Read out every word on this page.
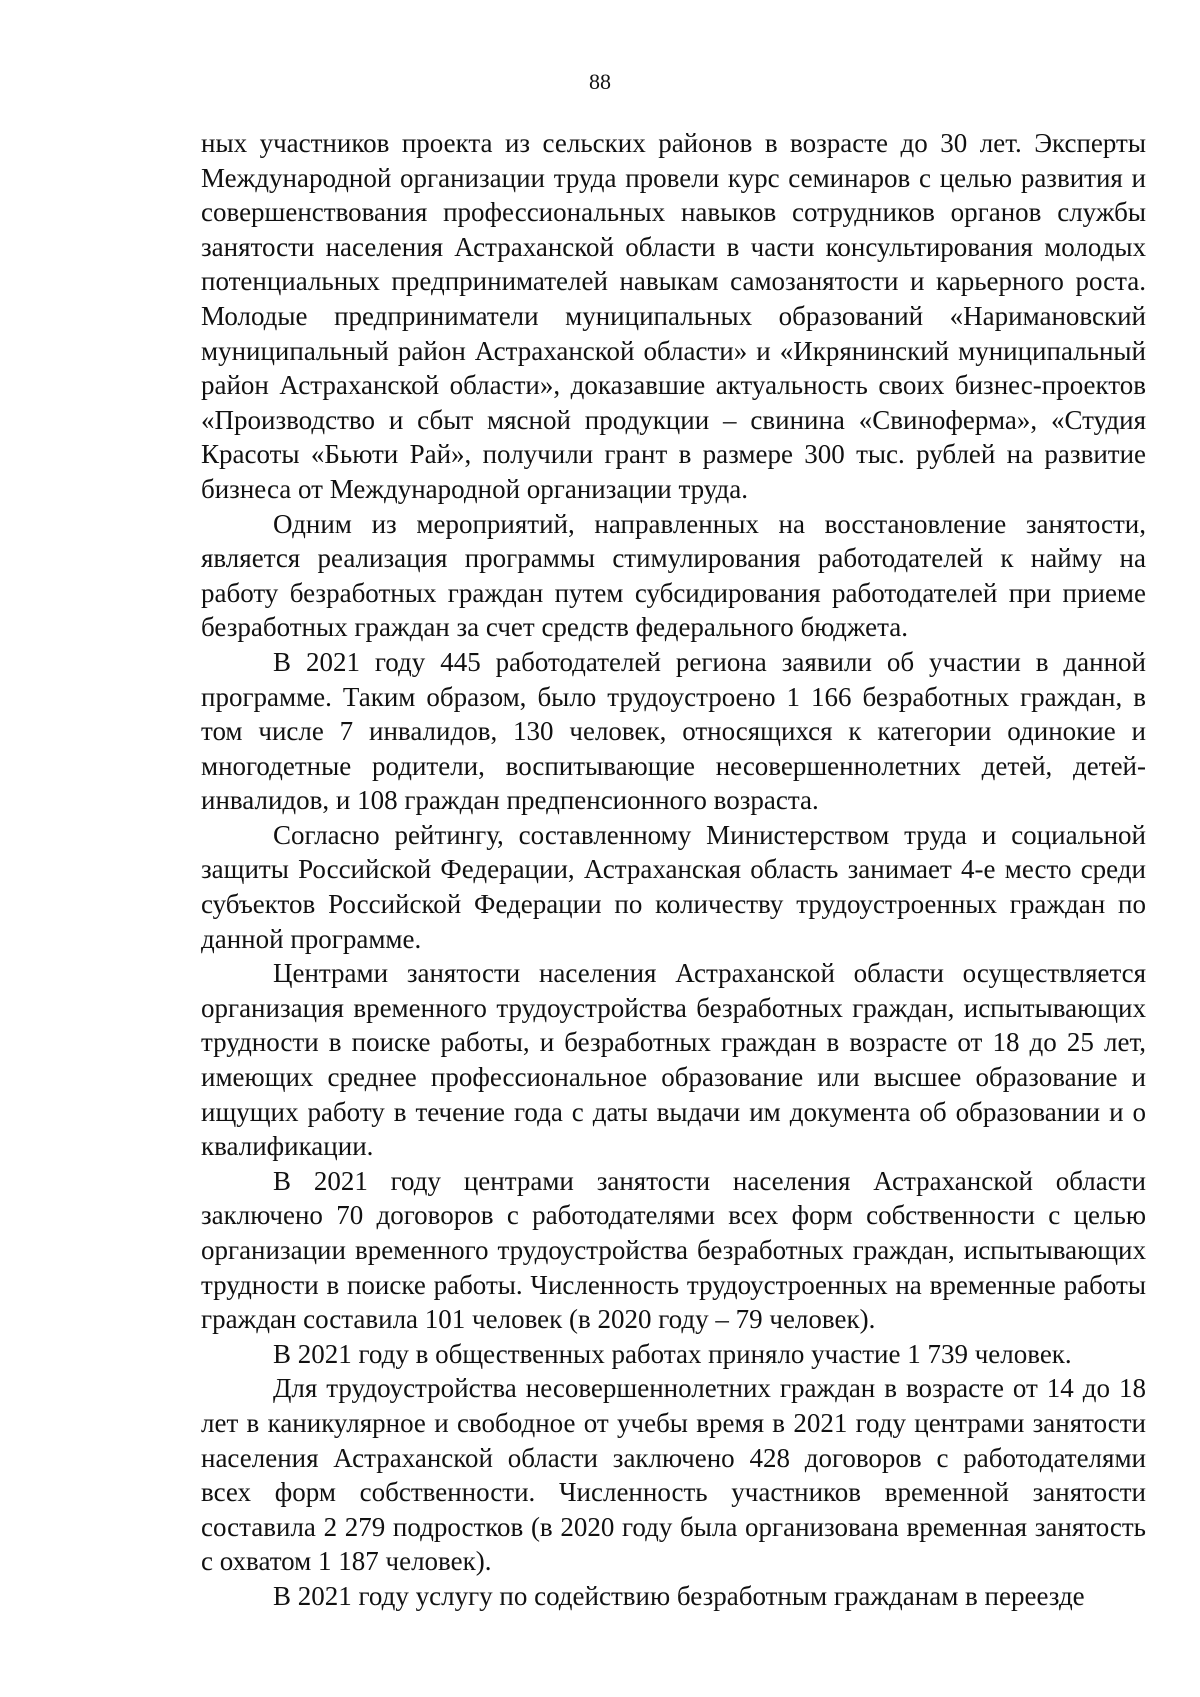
88

ных участников проекта из сельских районов в возрасте до 30 лет. Эксперты Международной организации труда провели курс семинаров с целью развития и совершенствования профессиональных навыков сотрудников органов службы занятости населения Астраханской области в части консультирования молодых потенциальных предпринимателей навыкам самозанятости и карьерного роста. Молодые предприниматели муниципальных образований «Наримановский муниципальный район Астраханской области» и «Икрянинский муниципальный район Астраханской области», доказавшие актуальность своих бизнес-проектов «Производство и сбыт мясной продукции – свинина «Свиноферма», «Студия Красоты «Бьюти Рай», получили грант в размере 300 тыс. рублей на развитие бизнеса от Международной организации труда.

Одним из мероприятий, направленных на восстановление занятости, является реализация программы стимулирования работодателей к найму на работу безработных граждан путем субсидирования работодателей при приеме безработных граждан за счет средств федерального бюджета.

В 2021 году 445 работодателей региона заявили об участии в данной программе. Таким образом, было трудоустроено 1 166 безработных граждан, в том числе 7 инвалидов, 130 человек, относящихся к категории одинокие и многодетные родители, воспитывающие несовершеннолетних детей, детей-инвалидов, и 108 граждан предпенсионного возраста.

Согласно рейтингу, составленному Министерством труда и социальной защиты Российской Федерации, Астраханская область занимает 4-е место среди субъектов Российской Федерации по количеству трудоустроенных граждан по данной программе.

Центрами занятости населения Астраханской области осуществляется организация временного трудоустройства безработных граждан, испытывающих трудности в поиске работы, и безработных граждан в возрасте от 18 до 25 лет, имеющих среднее профессиональное образование или высшее образование и ищущих работу в течение года с даты выдачи им документа об образовании и о квалификации.

В 2021 году центрами занятости населения Астраханской области заключено 70 договоров с работодателями всех форм собственности с целью организации временного трудоустройства безработных граждан, испытывающих трудности в поиске работы. Численность трудоустроенных на временные работы граждан составила 101 человек (в 2020 году – 79 человек).

В 2021 году в общественных работах приняло участие 1 739 человек.

Для трудоустройства несовершеннолетних граждан в возрасте от 14 до 18 лет в каникулярное и свободное от учебы время в 2021 году центрами занятости населения Астраханской области заключено 428 договоров с работодателями всех форм собственности. Численность участников временной занятости составила 2 279 подростков (в 2020 году была организована временная занятость с охватом 1 187 человек).

В 2021 году услугу по содействию безработным гражданам в переезде
